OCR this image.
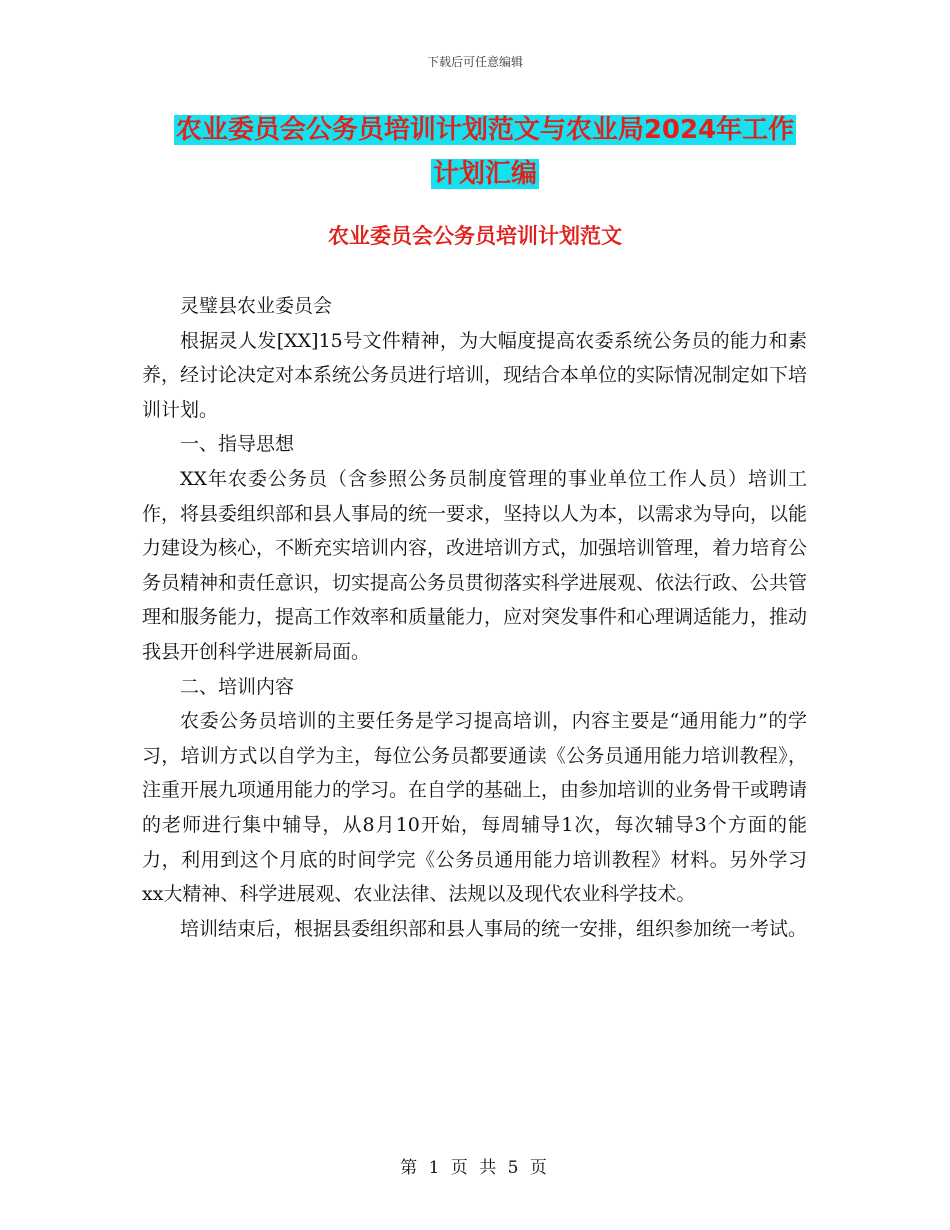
下载后可任意编辑
农业委员会公务员培训计划范文与农业局2024年工作
计划汇编
农业委员会公务员培训计划范文

灵璧县农业委员会

根据灵人发[XX]15号文件精神，为大幅度提高农委系统公务员的能力和素养，经讨论决定对本系统公务员进行培训，现结合本单位的实际情况制定如下培训计划。

一、指导思想

XX年农委公务员（含参照公务员制度管理的事业单位工作人员）培训工作，将县委组织部和县人事局的统一要求，坚持以人为本，以需求为导向，以能力建设为核心，不断充实培训内容，改进培训方式，加强培训管理，着力培育公务员精神和责任意识，切实提高公务员贯彻落实科学进展观、依法行政、公共管理和服务能力，提高工作效率和质量能力，应对突发事件和心理调适能力，推动我县开创科学进展新局面。

二、培训内容

农委公务员培训的主要任务是学习提高培训，内容主要是“通用能力”的学习，培训方式以自学为主，每位公务员都要通读《公务员通用能力培训教程》，注重开展九项通用能力的学习。在自学的基础上，由参加培训的业务骨干或聘请的老师进行集中辅导，从8月10开始，每周辅导1次，每次辅导3个方面的能力，利用到这个月底的时间学完《公务员通用能力培训教程》材料。另外学习xx大精神、科学进展观、农业法律、法规以及现代农业科学技术。

培训结束后，根据县委组织部和县人事局的统一安排，组织参加统一考试。

第 1 页 共 5 页
